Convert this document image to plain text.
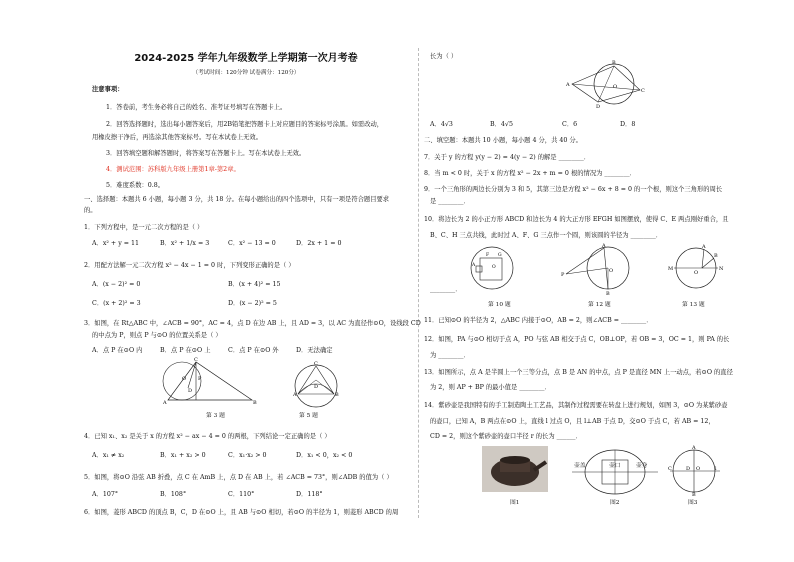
2024-2025 学年九年级数学上学期第一次月考卷
（考试时间：120分钟 试卷满分：120分）
注意事项：
1．答卷前，考生务必将自己的姓名、准考证号填写在答题卡上。
2．回答选择题时，选出每小题答案后，用2B铅笔把答题卡上对应题目的答案标号涂黑。如需改动，
用橡皮擦干净后，再选涂其他答案标号。写在本试卷上无效。
3．回答填空题和解答题时，将答案写在答题卡上。写在本试卷上无效。
4．测试范围：苏科版九年级上册第1章-第2章。
5．难度系数：0.8。
一、选择题：本题共 6 小题，每小题 3 分，共 18 分。在每小题给出的四个选项中，只有一项是符合题目要求
的。
1．下列方程中，是一元二次方程的是（ ）
A．x² + y = 11	B．x² + 1/x = 3	C．x² − 13 = 0	D．2x + 1 = 0
2．用配方法解一元二次方程 x² − 4x − 1 = 0 时，下列变形正确的是（ ）
A．(x − 2)² = 0	B．(x + 4)² = 15
C．(x + 2)² = 3	D．(x − 2)² = 5
3．如图，在 Rt△ABC 中，∠ACB = 90°，AC = 4，点 D 在边 AB 上，且 AD = 3，以 AC 为直径作⊙O，设线段 CD
的中点为 P，则点 P 与⊙O 的位置关系是（ ）
A．点 P 在⊙O 内	B．点 P 在⊙O 上	C．点 P 在⊙O 外	D．无法确定
C
A	B
O
D
P
第 3 题
C
A	B
D
第 5 题
4．已知 x₁、x₂ 是关于 x 的方程 x² − ax − 4 = 0 的两根，下列结论一定正确的是（ ）
A．x₁ ≠ x₂	B．x₁ + x₂ > 0	C．x₁·x₂ > 0	D．x₁ < 0，x₂ < 0
5．如图，将⊙O 沿弦 AB 折叠，点 C 在 AmB 上，点 D 在 AB 上，若 ∠ACB = 73°，则∠ADB 的值为（ ）
A．107°	B．108°	C．110°	D．118°
6．如图，菱形 ABCD 的顶点 B，C，D 在⊙O 上，且 AB 与⊙O 相切，若⊙O 的半径为 1，则菱形 ABCD 的周
长为（ ）
B
A
C
D
O
A．4√3	B．4√5	C．6	D．8
二、填空题：本题共 10 小题，每小题 4 分，共 40 分。
7．关于 y 的方程 y(y − 2) = 4(y − 2) 的解是 ________．
8．当 m < 0 时，关于 x 的方程 x² − 2x + m = 0 根的情况为 ________．
9．一个三角形的两边长分别为 3 和 5，其第三边是方程 x² − 6x + 8 = 0 的一个根，则这个三角形的周长
是 ________．
10．将边长为 2 的小正方形 ABCD 和边长为 4 的大正方形 EFGH 如图摆放，使得 C、E 两点刚好重合，且
B、C、H 三点共线，此时过 A、F、G 三点作一个圆，则该圆的半径为 ________．
A
F G
O
________．
第 10 题
P
A
O
B
第 12 题
M	N
A
B
O
第 13 题
11．已知⊙O 的半径为 2，△ABC 内接于⊙O，AB = 2，则∠ACB = ________．
12．如图，PA 与⊙O 相切于点 A，PO 与弦 AB 相交于点 C，OB⊥OP，若 OB = 3，OC = 1，则 PA 的长
为 ________．
13．如图所示，点 A 是半圆上一个三等分点，点 B 是 AN 的中点，点 P 是直径 MN 上一动点，若⊙O 的直径
为 2，则 AP + BP 的最小值是 ________．
14．紫砂壶是我国特有的手工制造陶土工艺品，其制作过程需要在转盘上进行规划，如图 3，⊙O 为某紫砂壶
的壶口，已知 A，B 两点在⊙O 上，直线 l 过点 O，且 l⊥AB 于点 D，交⊙O 于点 C，若 AB = 12，
CD = 2，则这个紫砂壶的壶口半径 r 的长为 ______．
图1
壶盖	壶口	壶身
图2
A
B
O
C	D	l
图3
